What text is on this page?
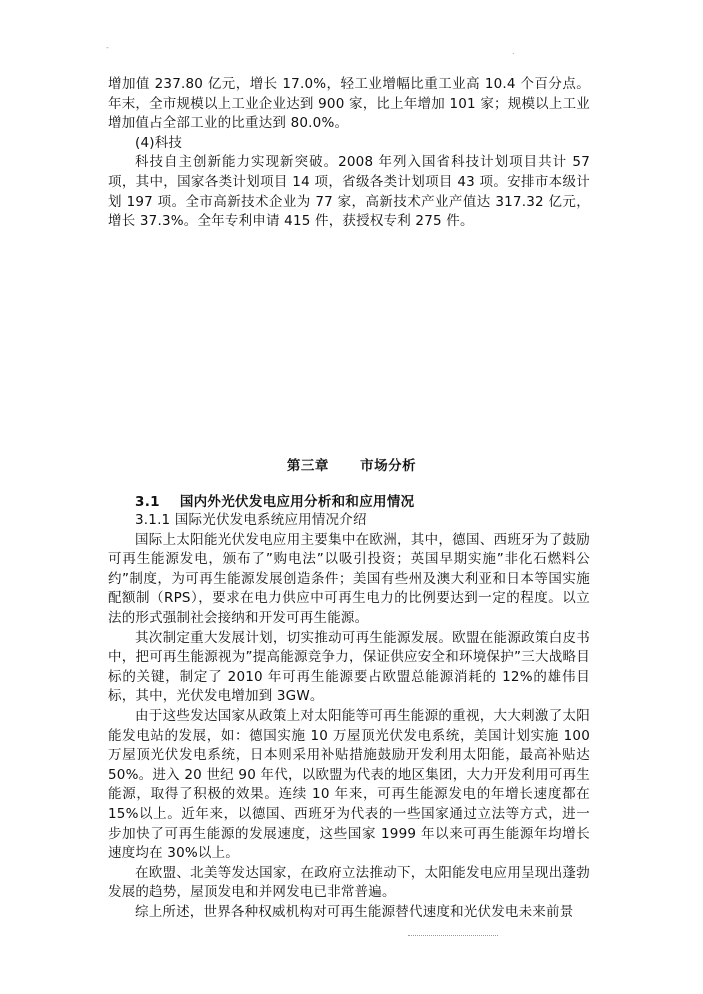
-	.

增加值 237.80 亿元，增长 17.0%，轻工业增幅比重工业高 10.4 个百分点。年末，全市规模以上工业企业达到 900 家，比上年增加 101 家；规模以上工业增加值占全部工业的比重达到 80.0%。

(4)科技

科技自主创新能力实现新突破。2008 年列入国省科技计划项目共计 57 项，其中，国家各类计划项目 14 项，省级各类计划项目 43 项。安排市本级计划 197 项。全市高新技术企业为 77 家，高新技术产业产值达 317.32 亿元，增长 37.3%。全年专利申请 415 件，获授权专利 275 件。

第三章 市场分析
3.1 国内外光伏发电应用分析和和应用情况

3.1.1 国际光伏发电系统应用情况介绍

国际上太阳能光伏发电应用主要集中在欧洲，其中，德国、西班牙为了鼓励可再生能源发电，颁布了”购电法”以吸引投资；英国早期实施”非化石燃料公约”制度，为可再生能源发展创造条件；美国有些州及澳大利亚和日本等国实施配额制（RPS），要求在电力供应中可再生电力的比例要达到一定的程度。以立法的形式强制社会接纳和开发可再生能源。

其次制定重大发展计划，切实推动可再生能源发展。欧盟在能源政策白皮书中，把可再生能源视为”提高能源竞争力，保证供应安全和环境保护”三大战略目标的关键，制定了 2010 年可再生能源要占欧盟总能源消耗的 12%的雄伟目标，其中，光伏发电增加到 3GW。

由于这些发达国家从政策上对太阳能等可再生能源的重视，大大刺激了太阳能发电站的发展，如：德国实施 10 万屋顶光伏发电系统，美国计划实施 100 万屋顶光伏发电系统，日本则采用补贴措施鼓励开发利用太阳能，最高补贴达 50%。进入 20 世纪 90 年代，以欧盟为代表的地区集团，大力开发利用可再生能源，取得了积极的效果。连续 10 年来，可再生能源发电的年增长速度都在 15%以上。近年来，以德国、西班牙为代表的一些国家通过立法等方式，进一步加快了可再生能源的发展速度，这些国家 1999 年以来可再生能源年均增长速度均在 30%以上。

在欧盟、北美等发达国家，在政府立法推动下，太阳能发电应用呈现出蓬勃发展的趋势，屋顶发电和并网发电已非常普遍。

综上所述，世界各种权威机构对可再生能源替代速度和光伏发电未来前景
